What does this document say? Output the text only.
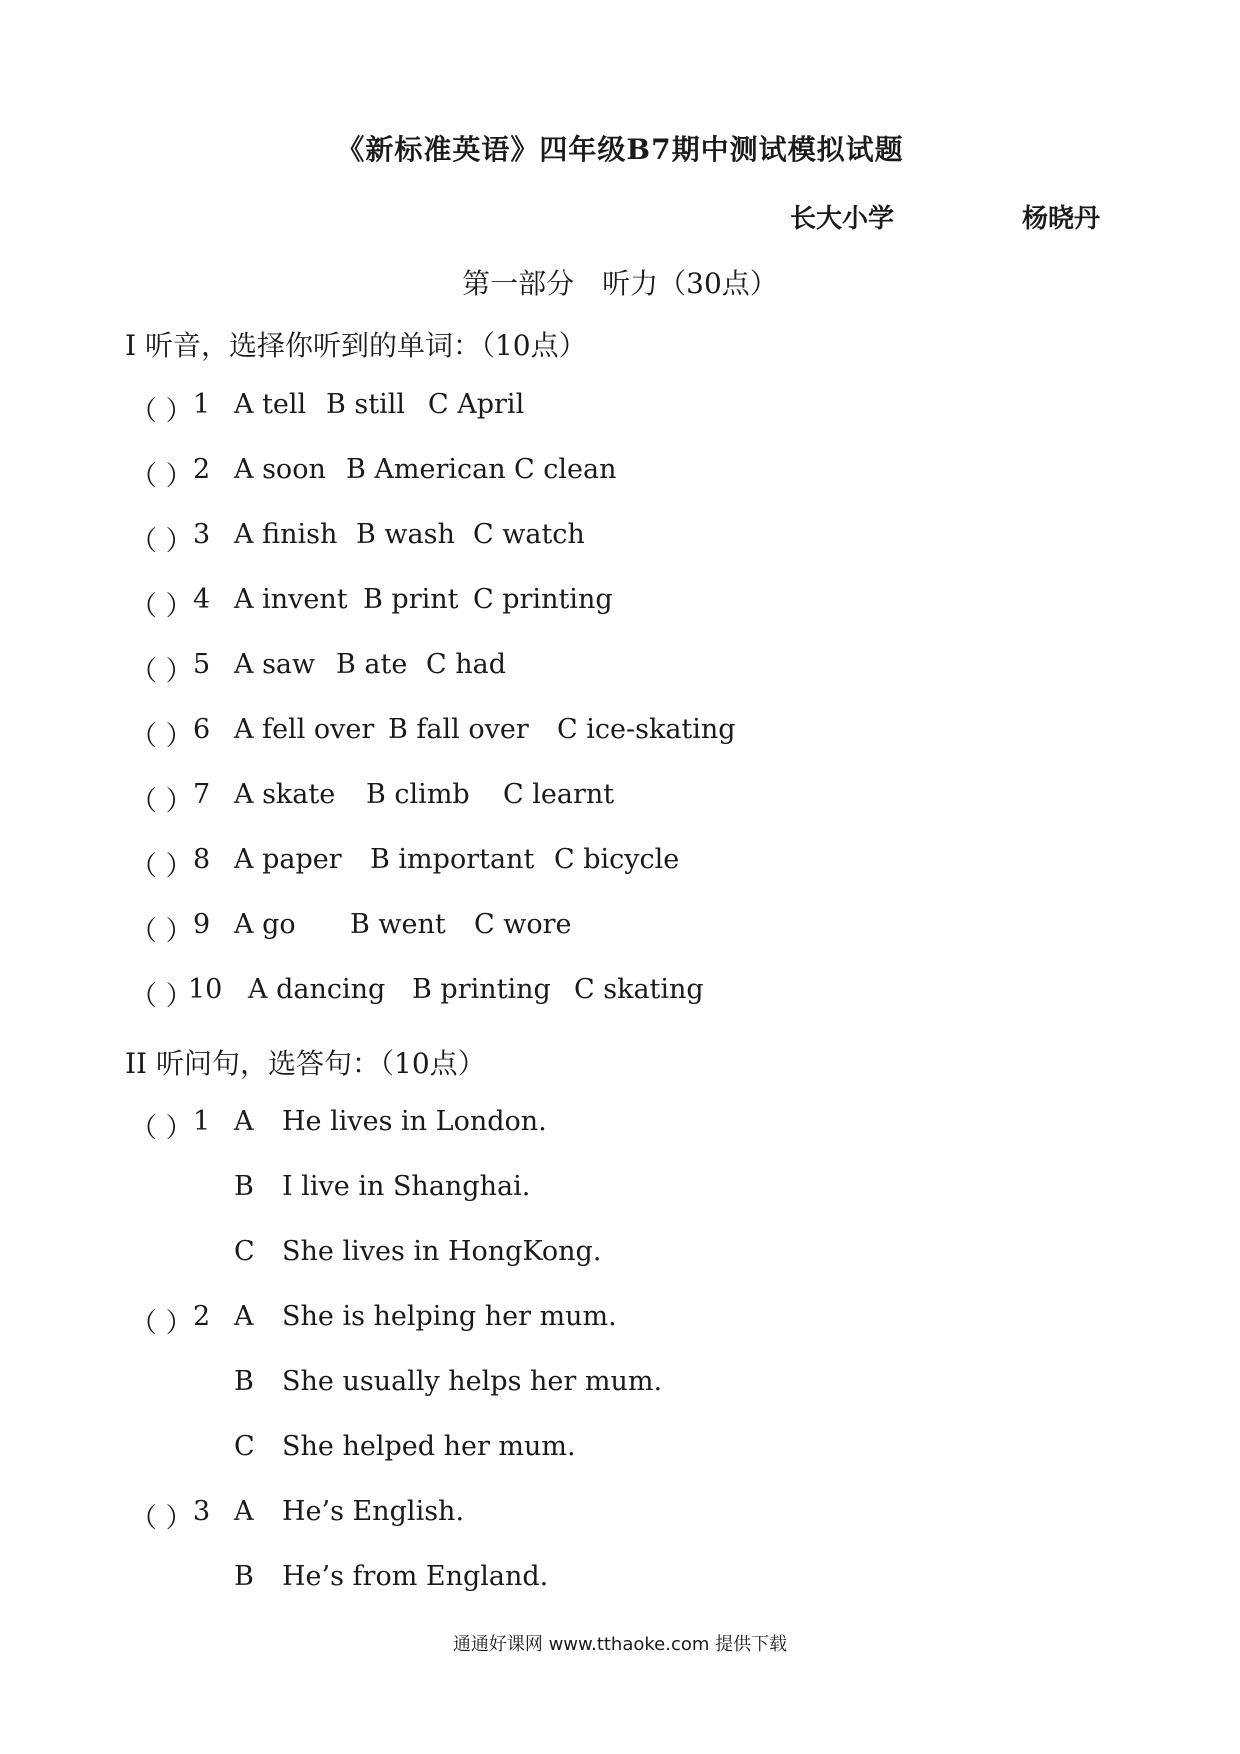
《新标准英语》四年级B7期中测试模拟试题
长大小学	杨晓丹
第一部分　听力（30点）
I 听音，选择你听到的单词：（10点）
（ ） 1 A tell B still C April
（ ） 2 A soon B American C clean
（ ） 3 A finish B wash C watch
（ ） 4 A invent B print C printing
（ ） 5 A saw B ate C had
（ ） 6 A fell over B fall over C ice-skating
（ ） 7 A skate B climb C learnt
（ ） 8 A paper B important C bicycle
（ ） 9 A go B went C wore
（ ）
10 A dancing B printing C skating
II 听问句，选答句：（10点）
（ ） 1 A He lives in London.
B I live in Shanghai.
C She lives in HongKong.
（ ） 2 A She is helping her mum.
B She usually helps her mum.
C She helped her mum.
（ ） 3 A He’s English.
B He’s from England.
通通好课网 www.tthaoke.com 提供下载
